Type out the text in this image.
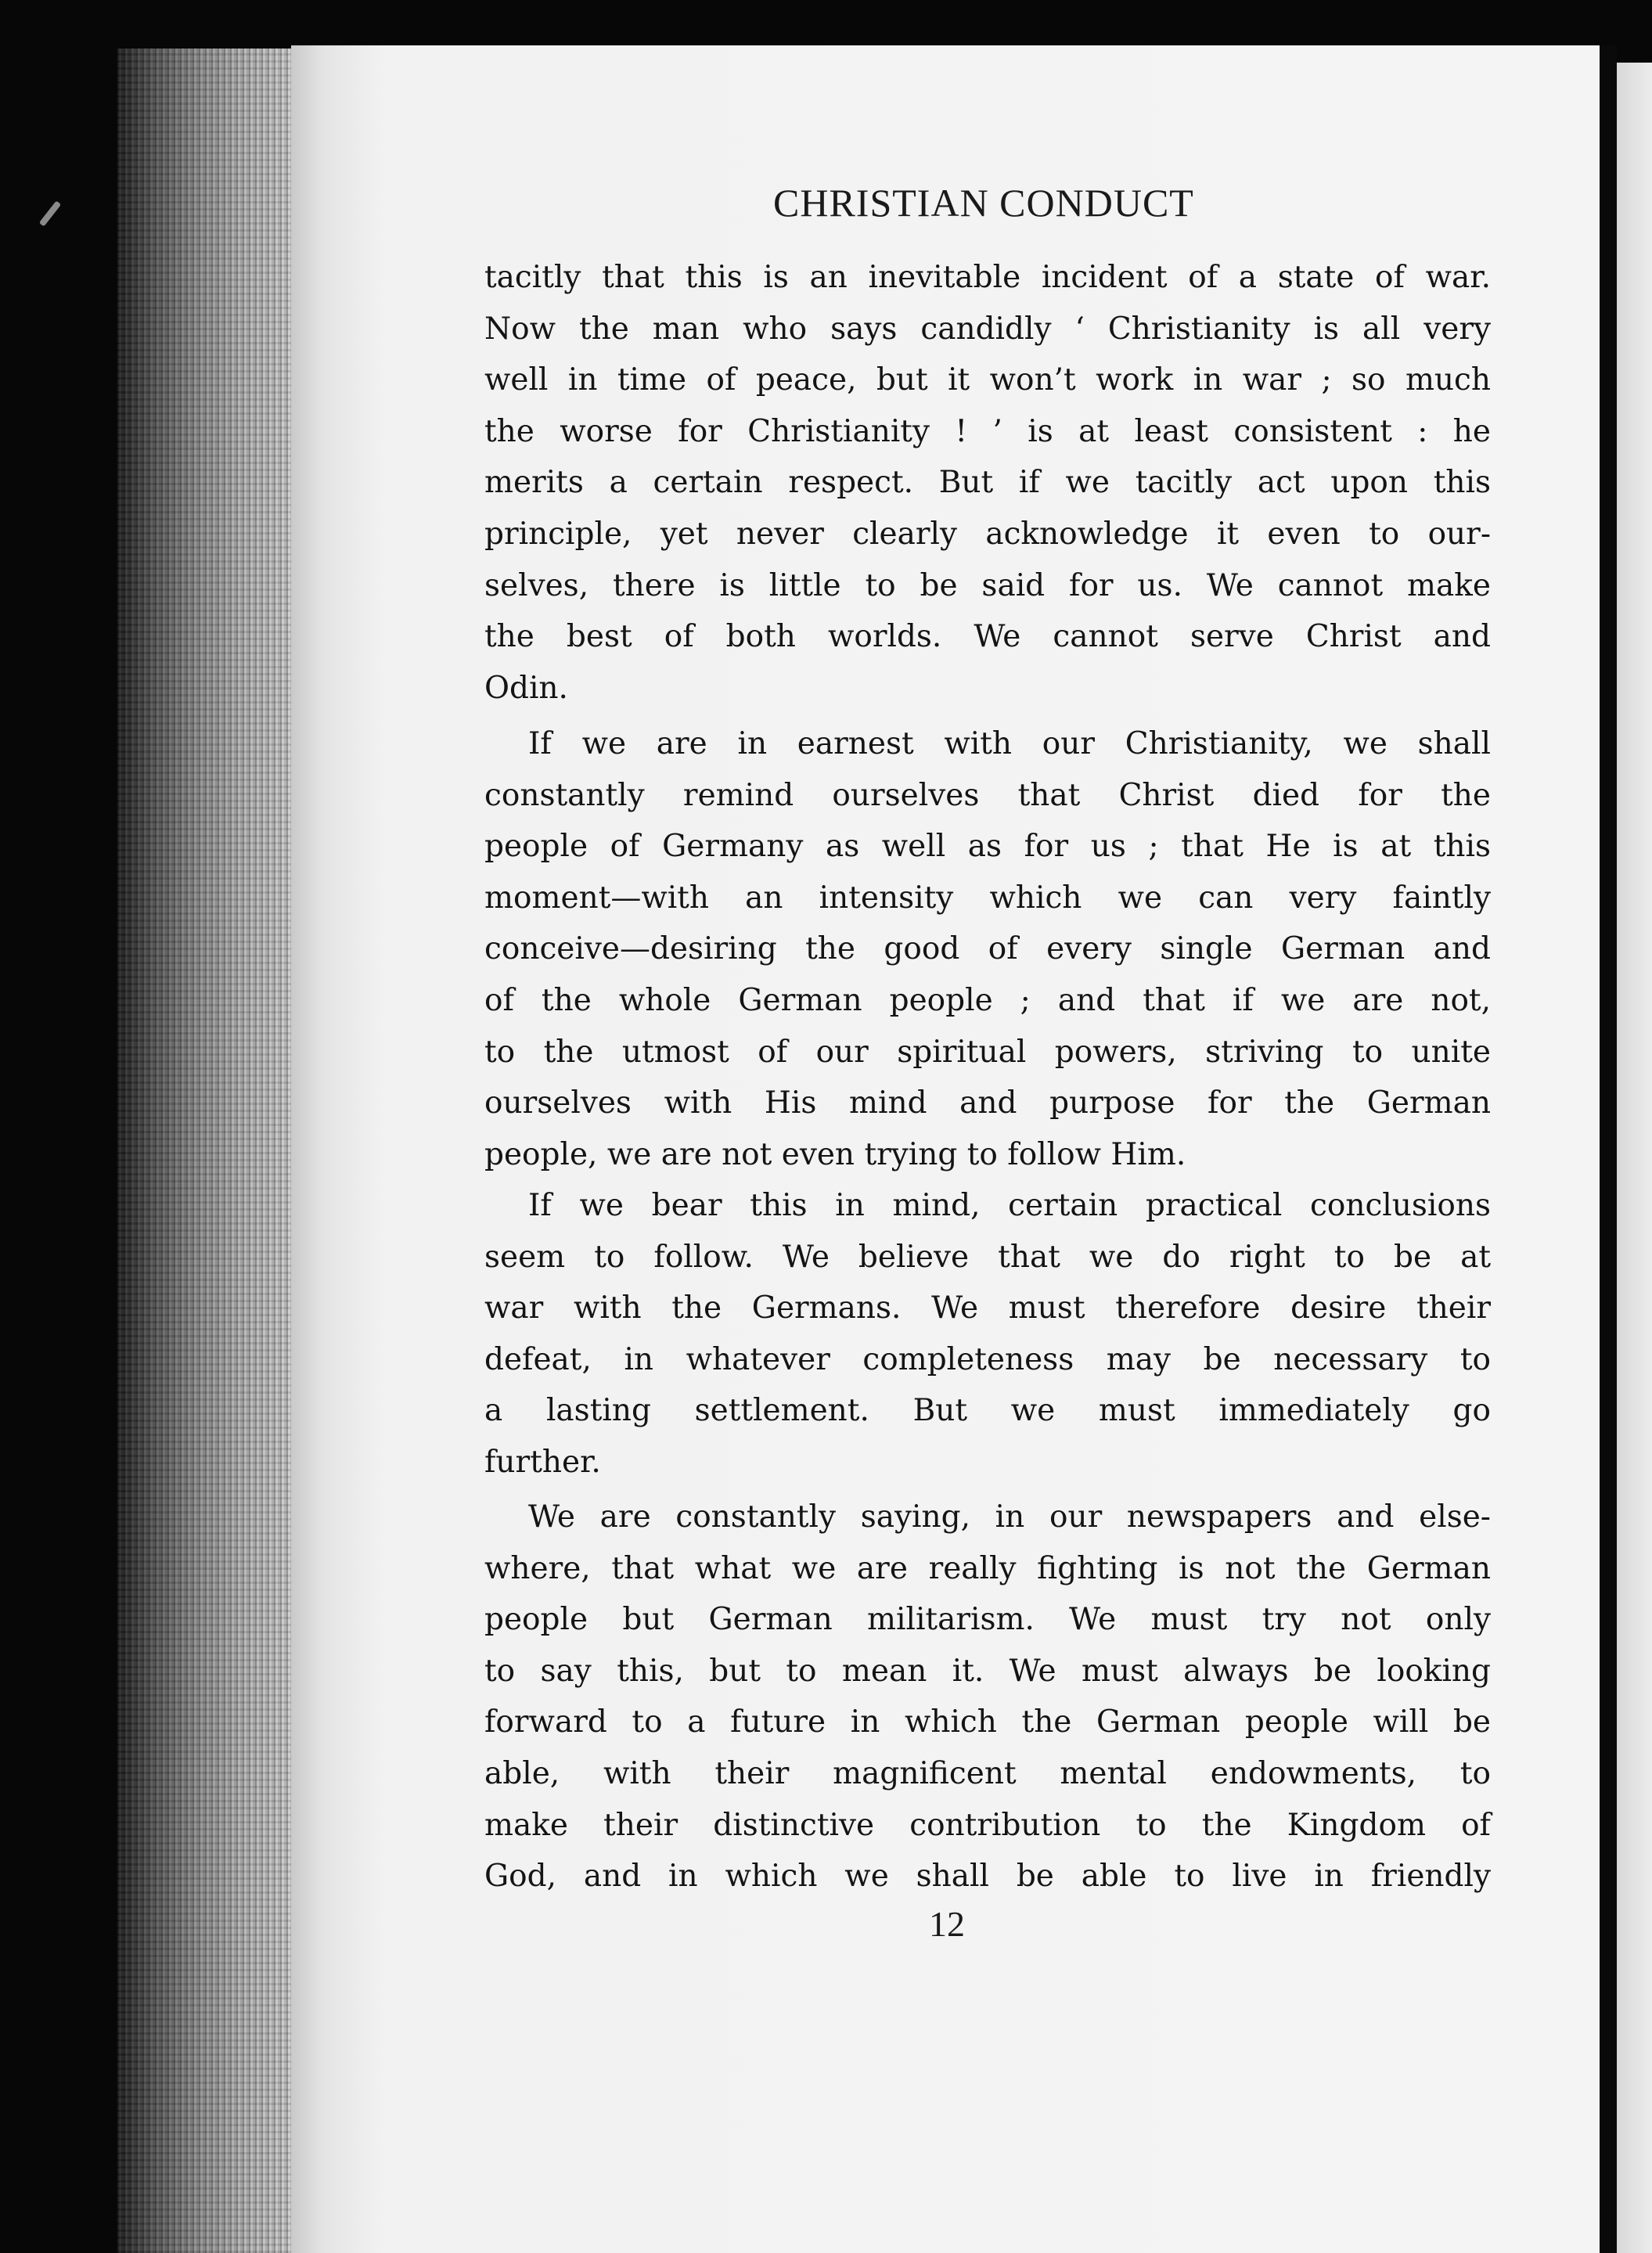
CHRISTIAN CONDUCT
tacitly that this is an inevitable incident of a state of war.
Now the man who says candidly ‘ Christianity is all very
well in time of peace, but it won’t work in war ; so much
the worse for Christianity ! ’ is at least consistent : he
merits a certain respect. But if we tacitly act upon this
principle, yet never clearly acknowledge it even to our-
selves, there is little to be said for us. We cannot make
the best of both worlds. We cannot serve Christ and
Odin.
If we are in earnest with our Christianity, we shall
constantly remind ourselves that Christ died for the
people of Germany as well as for us ; that He is at this
moment—with an intensity which we can very faintly
conceive—desiring the good of every single German and
of the whole German people ; and that if we are not,
to the utmost of our spiritual powers, striving to unite
ourselves with His mind and purpose for the German
people, we are not even trying to follow Him.
If we bear this in mind, certain practical conclusions
seem to follow. We believe that we do right to be at
war with the Germans. We must therefore desire their
defeat, in whatever completeness may be necessary to
a lasting settlement. But we must immediately go
further.
We are constantly saying, in our newspapers and else-
where, that what we are really fighting is not the German
people but German militarism. We must try not only
to say this, but to mean it. We must always be looking
forward to a future in which the German people will be
able, with their magnificent mental endowments, to
make their distinctive contribution to the Kingdom of
God, and in which we shall be able to live in friendly

12
